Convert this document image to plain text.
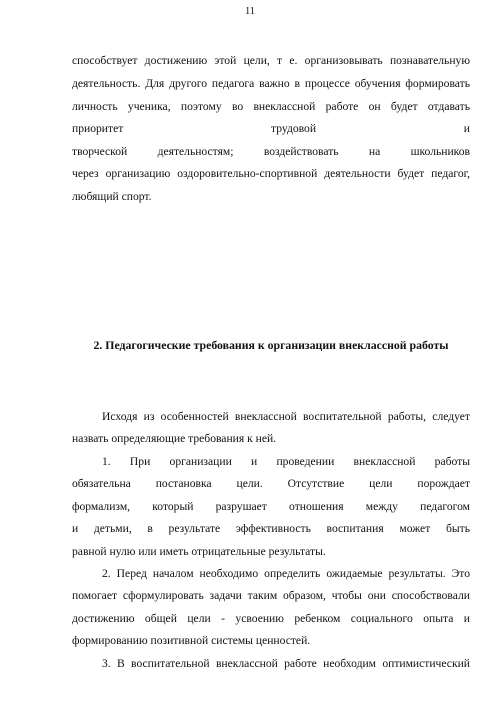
11
способствует достижению этой цели, т е. организовывать познавательную
деятельность. Для другого педагога важно в процессе обучения формировать
личность ученика, поэтому во внеклассной работе он будет отдавать
приоритет трудовой и
творческой деятельностям; воздействовать на школьников
через организацию оздоровительно-спортивной деятельности будет педагог,
любящий спорт.
2. Педагогические требования к организации внеклассной работы
Исходя из особенностей внеклассной воспитательной работы, следует
назвать определяющие требования к ней.
1. При организации и проведении внеклассной работы
обязательна постановка цели. Отсутствие цели порождает
формализм, который разрушает отношения между педагогом
и детьми, в результате эффективность воспитания может быть
равной нулю или иметь отрицательные результаты.
2. Перед началом необходимо определить ожидаемые результаты. Это
помогает сформулировать задачи таким образом, чтобы они способствовали
достижению общей цели - усвоению ребенком социального опыта и
формированию позитивной системы ценностей.
3. В воспитательной внеклассной работе необходим оптимистический
